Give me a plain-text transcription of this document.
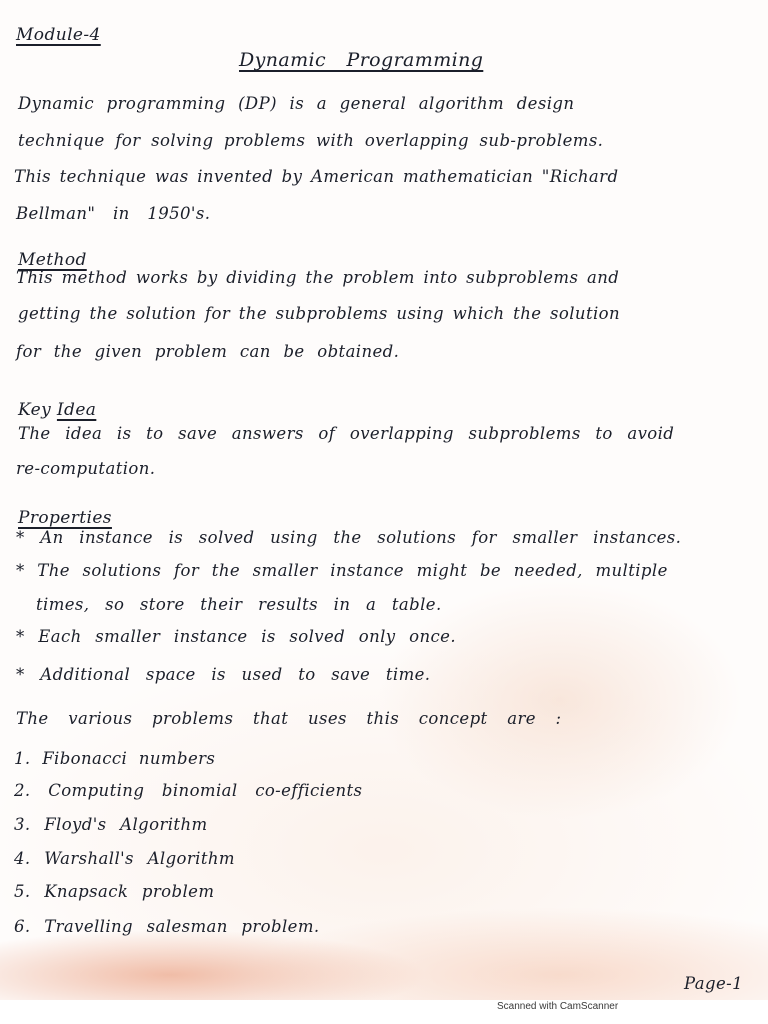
Module-4
Dynamic Programming
Dynamic programming (DP) is a general algorithm design
technique for solving problems with overlapping sub-problems.
This technique was invented by American mathematician "Richard
Bellman" in 1950's.
Method
This method works by dividing the problem into subproblems and
getting the solution for the subproblems using which the solution
for the given problem can be obtained.
Key Idea
The idea is to save answers of overlapping subproblems to avoid
re-computation.
Properties
* An instance is solved using the solutions for smaller instances.
* The solutions for the smaller instance might be needed, multiple
times, so store their results in a table.
* Each smaller instance is solved only once.
* Additional space is used to save time.
The various problems that uses this concept are :
1. Fibonacci numbers
2. Computing binomial co-efficients
3. Floyd's Algorithm
4. Warshall's Algorithm
5. Knapsack problem
6. Travelling salesman problem.
Page-1
Scanned with CamScanner
